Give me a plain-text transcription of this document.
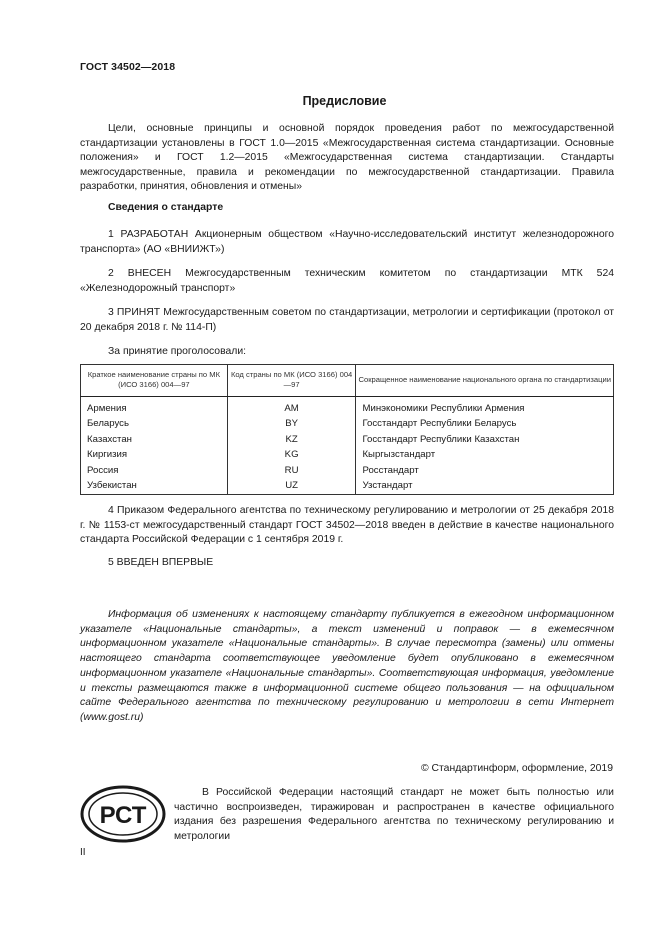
ГОСТ 34502—2018
Предисловие
Цели, основные принципы и основной порядок проведения работ по межгосударственной стандартизации установлены в ГОСТ 1.0—2015 «Межгосударственная система стандартизации. Основные положения» и ГОСТ 1.2—2015 «Межгосударственная система стандартизации. Стандарты межгосударственные, правила и рекомендации по межгосударственной стандартизации. Правила разработки, принятия, обновления и отмены»
Сведения о стандарте
1 РАЗРАБОТАН Акционерным обществом «Научно-исследовательский институт железнодорожного транспорта» (АО «ВНИИЖТ»)
2 ВНЕСЕН Межгосударственным техническим комитетом по стандартизации МТК 524 «Железнодорожный транспорт»
3 ПРИНЯТ Межгосударственным советом по стандартизации, метрологии и сертификации (протокол от 20 декабря 2018 г. № 114-П)
За принятие проголосовали:
Краткое наименование страны по МК (ИСО 3166) 004—97	Код страны по МК (ИСО 3166) 004—97	Сокращенное наименование национального органа по стандартизации
Армения	AM	Минэкономики Республики Армения
Беларусь	BY	Госстандарт Республики Беларусь
Казахстан	KZ	Госстандарт Республики Казахстан
Киргизия	KG	Кыргызстандарт
Россия	RU	Росстандарт
Узбекистан	UZ	Узстандарт
4 Приказом Федерального агентства по техническому регулированию и метрологии от 25 декабря 2018 г. № 1153-ст межгосударственный стандарт ГОСТ 34502—2018 введен в действие в качестве национального стандарта Российской Федерации с 1 сентября 2019 г.
5 ВВЕДЕН ВПЕРВЫЕ
Информация об изменениях к настоящему стандарту публикуется в ежегодном информационном указателе «Национальные стандарты», а текст изменений и поправок — в ежемесячном информационном указателе «Национальные стандарты». В случае пересмотра (замены) или отмены настоящего стандарта соответствующее уведомление будет опубликовано в ежемесячном информационном указателе «Национальные стандарты». Соответствующая информация, уведомление и тексты размещаются также в информационной системе общего пользования — на официальном сайте Федерального агентства по техническому регулированию и метрологии в сети Интернет (www.gost.ru)
© Стандартинформ, оформление, 2019
РСТ
В Российской Федерации настоящий стандарт не может быть полностью или частично воспроизведен, тиражирован и распространен в качестве официального издания без разрешения Федерального агентства по техническому регулированию и метрологии
II
